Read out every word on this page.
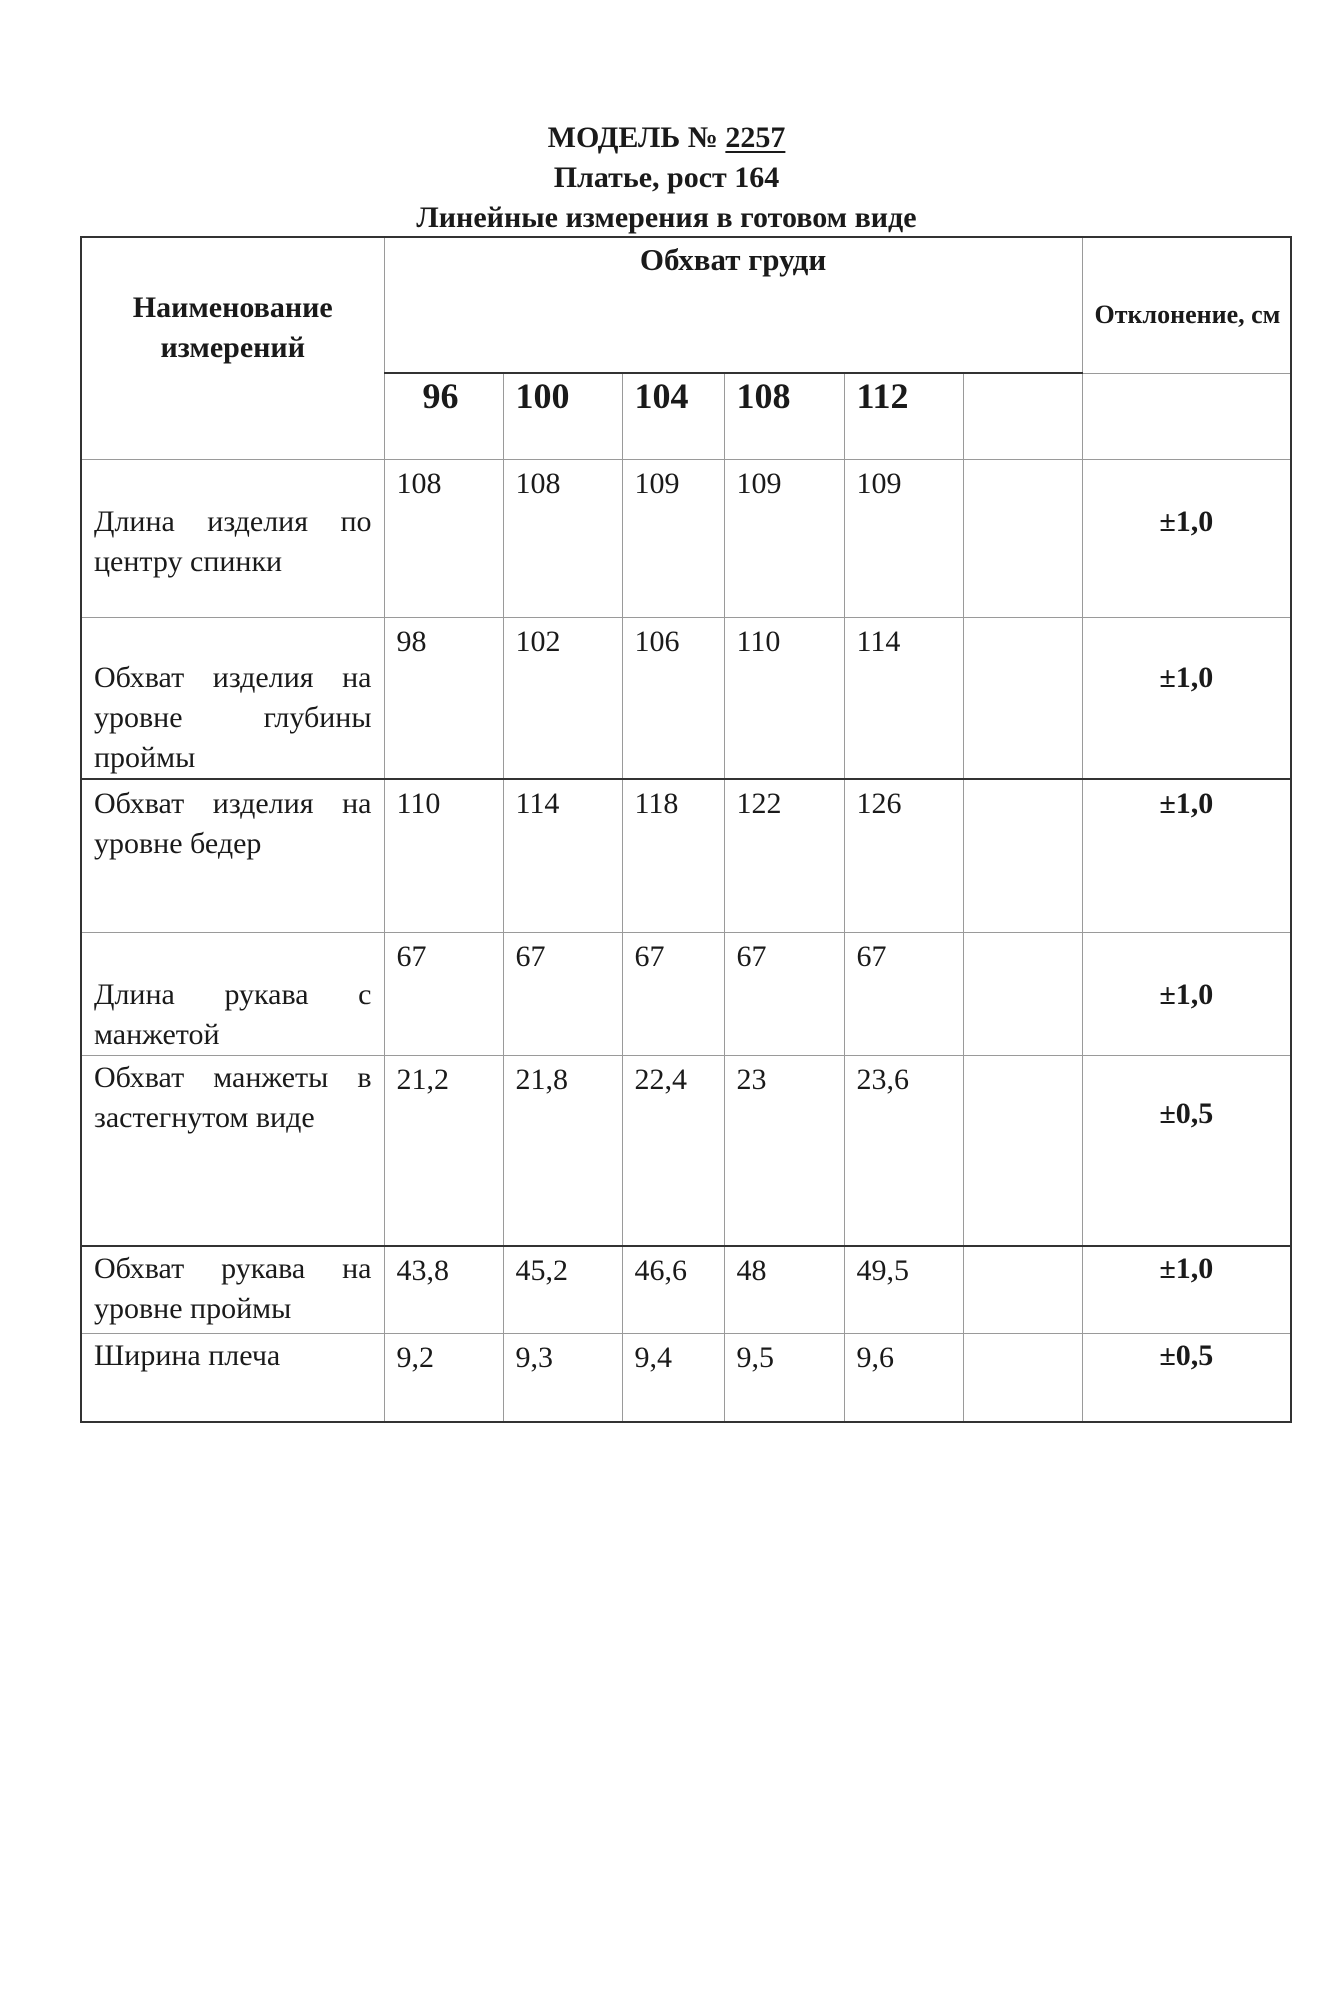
МОДЕЛЬ № 2257
Платье, рост 164
Линейные измерения в готовом виде
Наименование измерений	Обхват груди						Отклонение, см
	96	100	104	108	112		
Длина изделия по центру спинки	108	108	109	109	109		±1,0
Обхват изделия на уровне глубины проймы	98	102	106	110	114		±1,0
Обхват изделия на уровне бедер	110	114	118	122	126		±1,0
Длина рукава с манжетой	67	67	67	67	67		±1,0
Обхват манжеты в застегнутом виде	21,2	21,8	22,4	23	23,6		±0,5
Обхват рукава на уровне проймы	43,8	45,2	46,6	48	49,5		±1,0
Ширина плеча	9,2	9,3	9,4	9,5	9,6		±0,5
